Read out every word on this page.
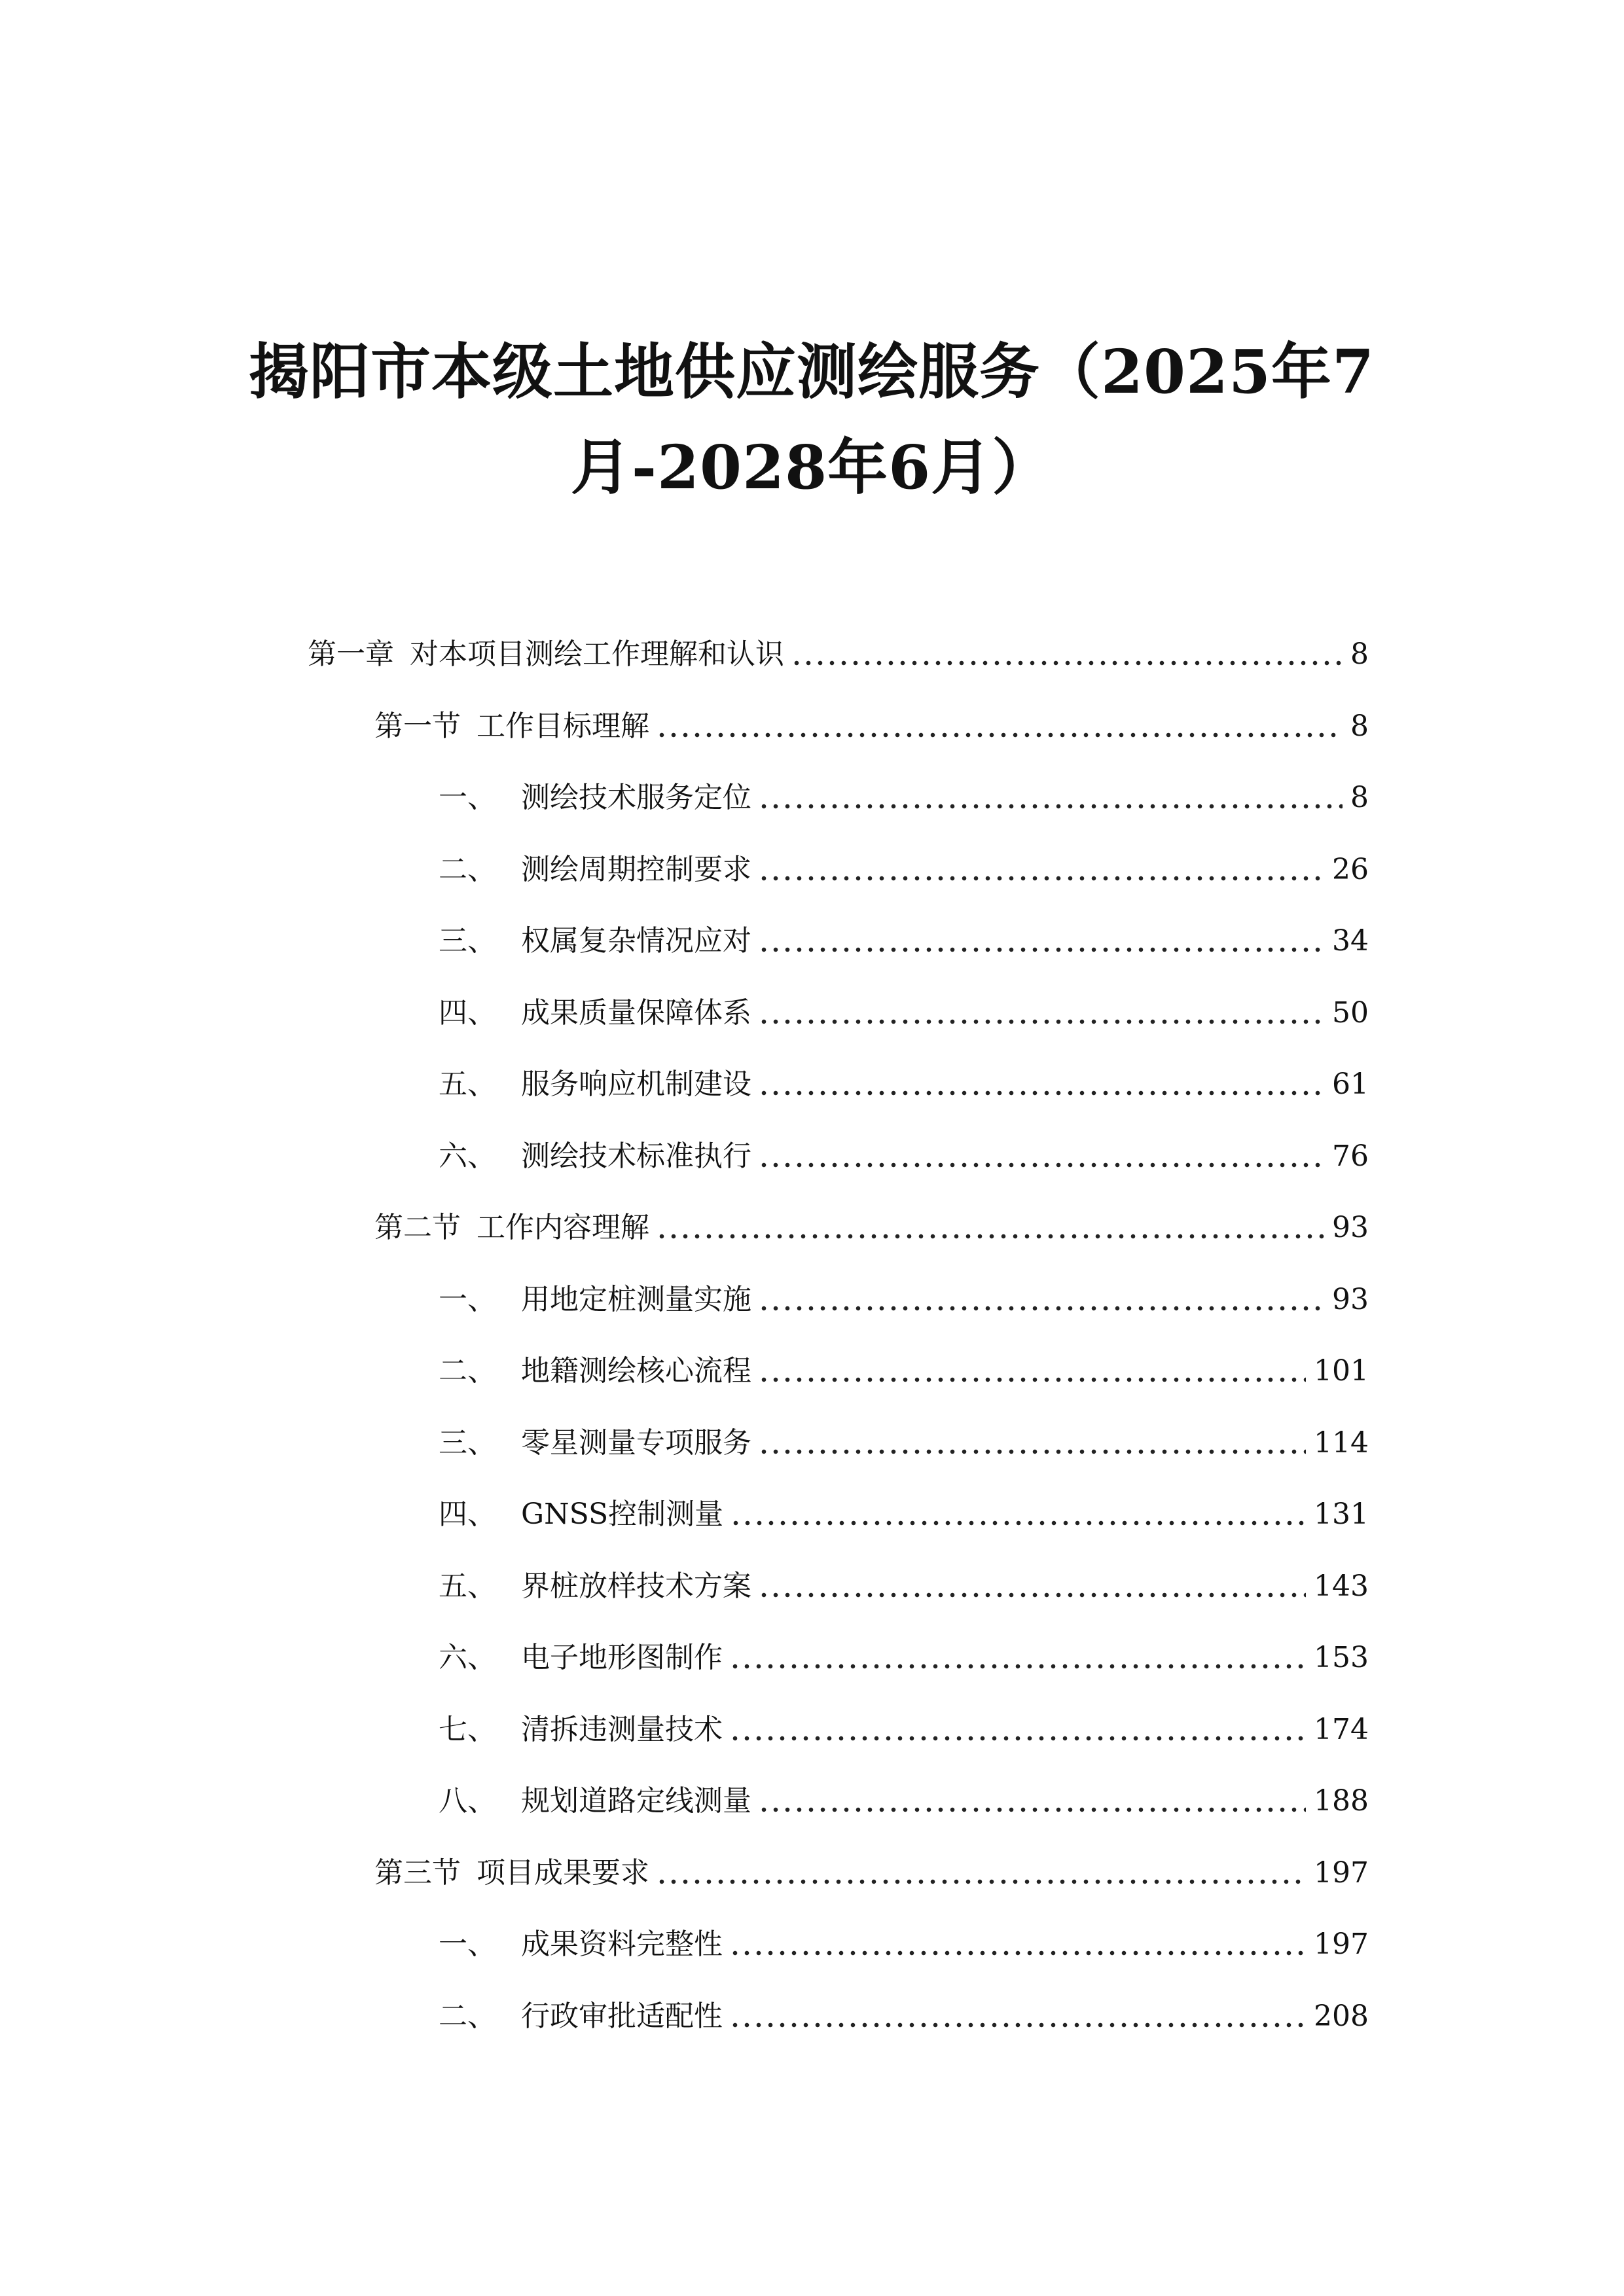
揭阳市本级土地供应测绘服务（2025年7
月-2028年6月）
第一章 对本项目测绘工作理解和认识	8
第一节 工作目标理解	8
一、 测绘技术服务定位	8
二、 测绘周期控制要求	26
三、 权属复杂情况应对	34
四、 成果质量保障体系	50
五、 服务响应机制建设	61
六、 测绘技术标准执行	76
第二节 工作内容理解	93
一、 用地定桩测量实施	93
二、 地籍测绘核心流程	101
三、 零星测量专项服务	114
四、 GNSS控制测量	131
五、 界桩放样技术方案	143
六、 电子地形图制作	153
七、 清拆违测量技术	174
八、 规划道路定线测量	188
第三节 项目成果要求	197
一、 成果资料完整性	197
二、 行政审批适配性	208
